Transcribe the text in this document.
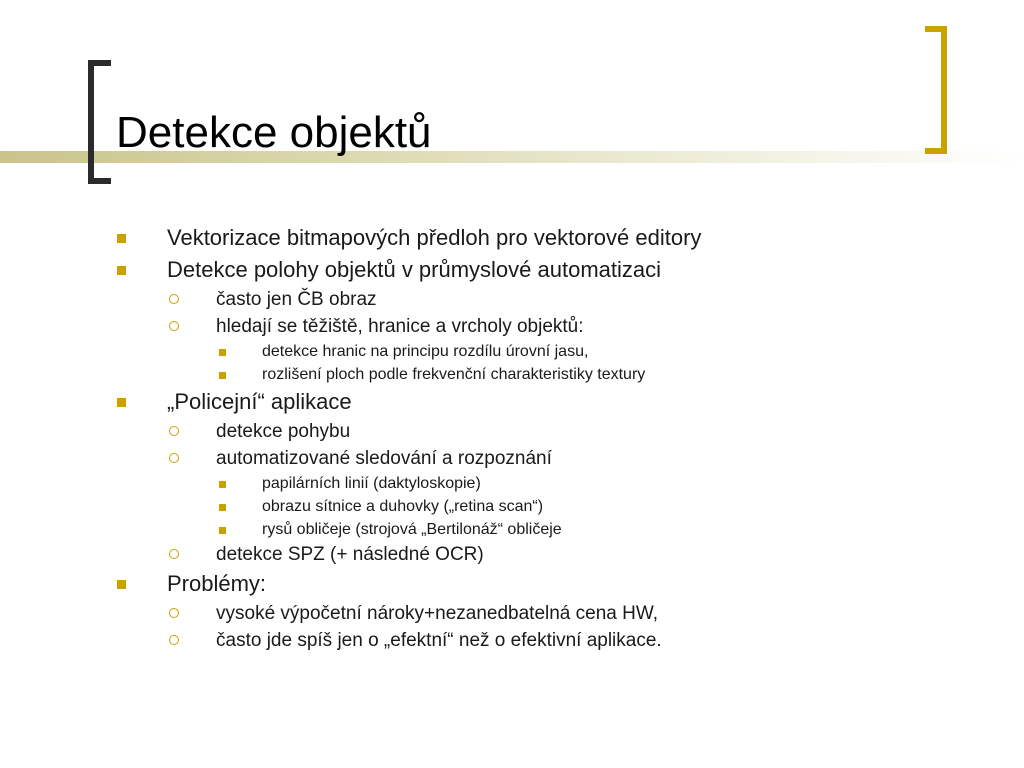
Detekce objektů
Vektorizace bitmapových předloh pro vektorové editory
Detekce polohy objektů v průmyslové automatizaci
často jen ČB obraz
hledají se těžiště, hranice a vrcholy objektů:
detekce hranic na principu rozdílu úrovní jasu,
rozlišení ploch podle frekvenční charakteristiky textury
„Policejní“ aplikace
detekce pohybu
automatizované sledování a rozpoznání
papilárních linií (daktyloskopie)
obrazu sítnice a duhovky („retina scan“)
rysů obličeje (strojová „Bertilonáž“ obličeje
detekce SPZ (+ následné OCR)
Problémy:
vysoké výpočetní nároky+nezanedbatelná cena HW,
často jde spíš jen o „efektní“ než o efektivní aplikace.
